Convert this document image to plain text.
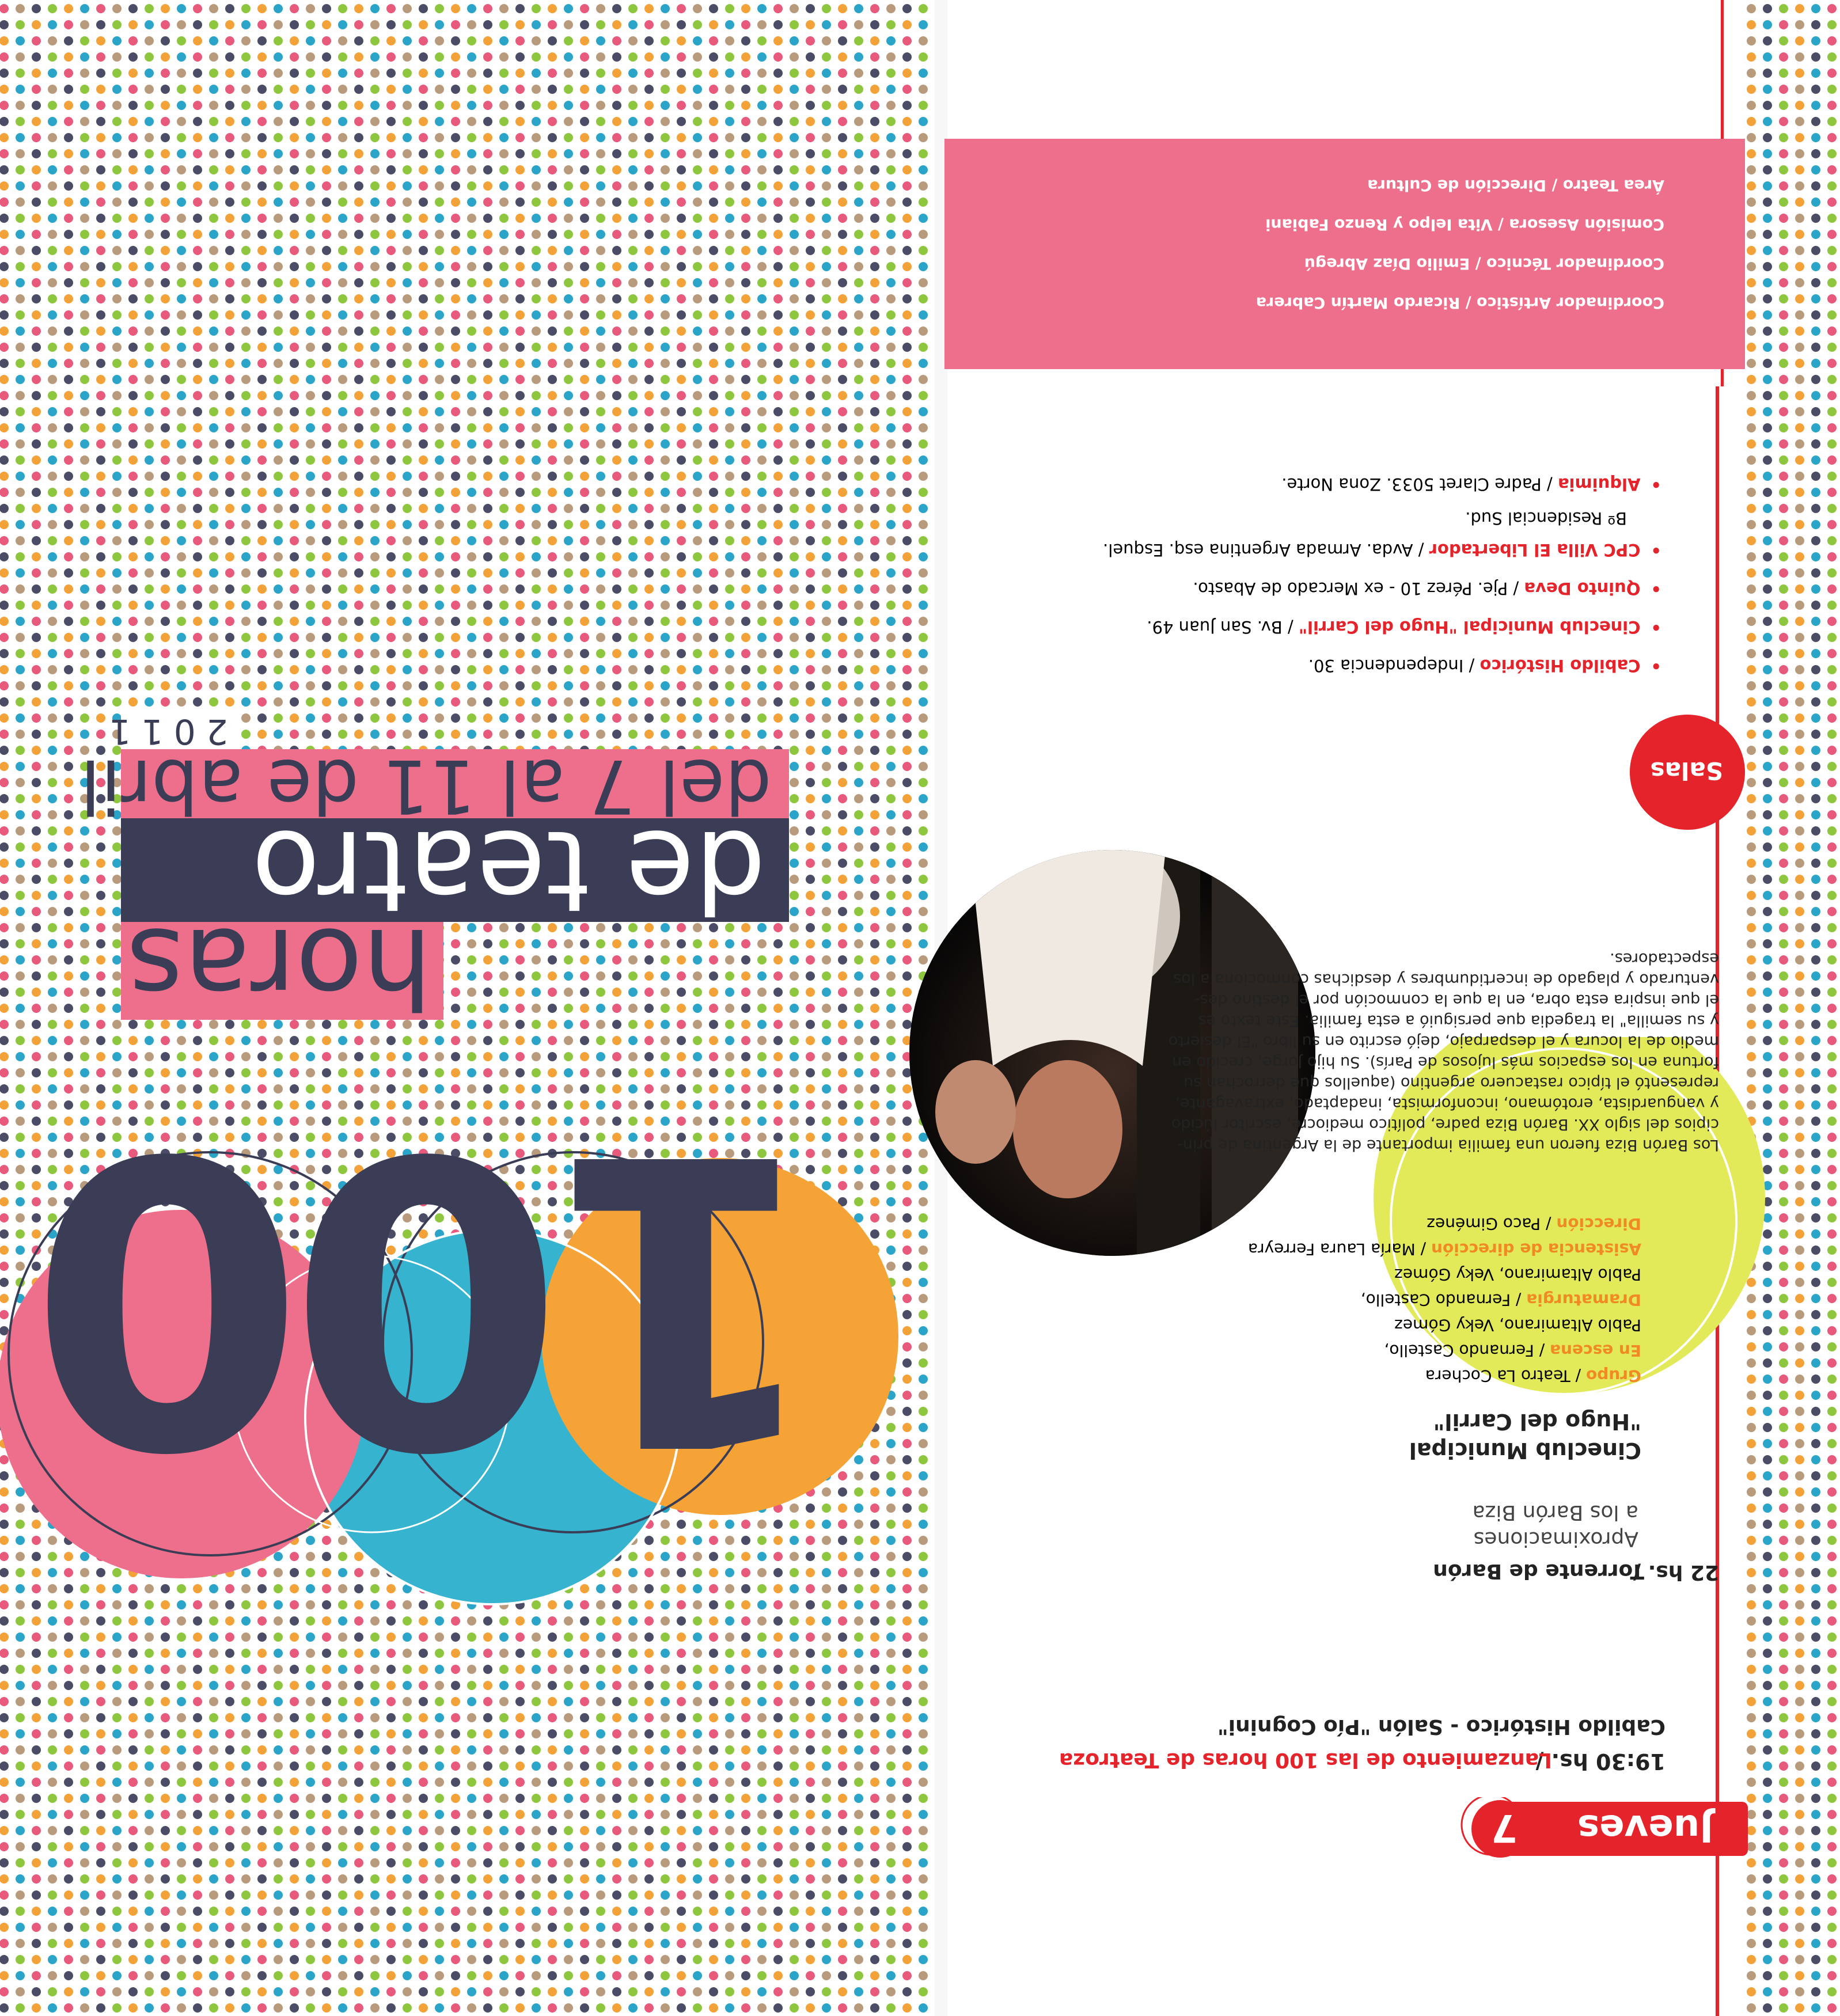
Jueves
7
19:30 hs. /
Lanzamiento de las 100 horas de Teatroza
Cabildo Histórico - Salón "Pío Cognini"
22 hs. /
Torrente de Barón
Aproximaciones
a los Barón Biza
Cineclub Municipal
"Hugo del Carril"
Grupo / Teatro La Cochera
En escena / Fernando Castello,
Pablo Altamirano, Veky Gómez
Dramaturgia / Fernando Castello,
Pablo Altamirano, Veky Gómez
Asistencia de dirección / María Laura Ferreyra
Dirección / Paco Giménez

Los Barón Biza fueron una familia importante de la Argentina de prin-

cipios del siglo XX. Barón Biza padre, político mediocre, escritor lúcido

y vanguardista, erotómano, inconformista, inadaptado, extravagante,

representó el típico rastacuero argentino (aquellos que derrochan su

fortuna en los espacios más lujosos de París). Su hijo Jorge, crecido en

medio de la locura y el desparpajo, dejó escrito en su libro "El desierto

y su semilla" la tragedia que persiguió a esta familia. Este texto es

el que inspira esta obra, en la que la conmoción por el destino des-

venturado y plagado de incertidumbres y desdichas conmociona a los

espectadores.

Salas
•Cabildo Histórico / Independencia 30.
•Cineclub Municipal "Hugo del Carril" / Bv. San Juan 49.
•Quinto Deva / Pje. Pérez 10 - ex Mercado de Abasto.
•CPC Villa El Libertador / Avda. Armada Argentina esq. Esquel.
Bº Residencial Sud.
•Alquimia / Padre Claret 5033. Zona Norte.
Coordinador Artístico / Ricardo Martín Cabrera
Coordinador Técnico / Emilio Díaz Abregú
Comisión Asesora / Vita Ielpo y Renzo Fabiani
Área Teatro / Dirección de Cultura
100
horas
de teatro
del 7 al 11 de abril
2011
